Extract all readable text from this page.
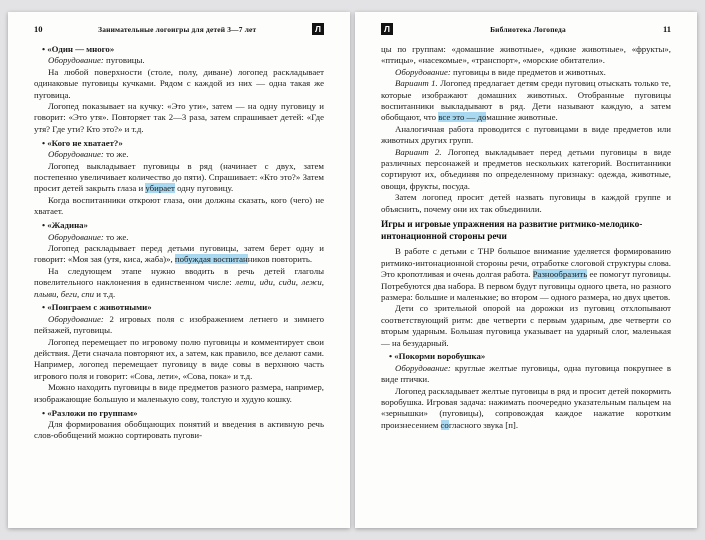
10	Занимательные логоигры для детей 3—7 лет	Л

• «Один — много»

Оборудование: пуговицы.

На любой поверхности (столе, полу, диване) логопед раскладывает одинаковые пуговицы кучками. Рядом с каждой из них — одна такая же пуговица.

Логопед показывает на кучку: «Это ути», затем — на одну пуговицу и говорит: «Это утя». Повторяет так 2—3 раза, затем спрашивает детей: «Где утя? Где ути? Кто это?» и т.д.

• «Кого не хватает?»

Оборудование: то же.

Логопед выкладывает пуговицы в ряд (начинает с двух, затем постепенно увеличивает количество до пяти). Спрашивает: «Кто это?» Затем просит детей закрыть глаза и убирает одну пуговицу.

Когда воспитанники откроют глаза, они должны сказать, кого (чего) не хватает.

• «Жадина»

Оборудование: то же.

Логопед раскладывает перед детьми пуговицы, затем берет одну и говорит: «Моя зая (утя, киса, жаба)», побуждая воспитанников повторить.

На следующем этапе нужно вводить в речь детей глаголы повелительного наклонения в единственном числе: лети, иди, сиди, лежи, плыви, беги, спи и т.д.

• «Поиграем с животными»

Оборудование: 2 игровых поля с изображением летнего и зимнего пейзажей, пуговицы.

Логопед перемещает по игровому полю пуговицы и комментирует свои действия. Дети сначала повторяют их, а затем, как правило, все делают сами. Например, логопед перемещает пуговицу в виде совы в верхнюю часть игрового поля и говорит: «Сова, лети», «Сова, пока» и т.д.

Можно находить пуговицы в виде предметов разного размера, например, изображающие большую и маленькую сову, толстую и худую кошку.

• «Разложи по группам»

Для формирования обобщающих понятий и введения в активную речь слов-обобщений можно сортировать пугови-

Л	Библиотека Логопеда	11

цы по группам: «домашние животные», «дикие животные», «фрукты», «птицы», «насекомые», «транспорт», «морские обитатели».

Оборудование: пуговицы в виде предметов и животных.

Вариант 1. Логопед предлагает детям среди пуговиц отыскать только те, которые изображают домашних животных. Отобранные пуговицы воспитанники выкладывают в ряд. Дети называют каждую, а затем обобщают, что все это — домашние животные.

Аналогичная работа проводится с пуговицами в виде предметов или животных других групп.

Вариант 2. Логопед выкладывает перед детьми пуговицы в виде различных персонажей и предметов нескольких категорий. Воспитанники сортируют их, объединяя по определенному признаку: одежда, животные, овощи, фрукты, посуда.

Затем логопед просит детей назвать пуговицы в каждой группе и объяснить, почему они их так объединили.

Игры и игровые упражнения на развитие ритмико-мелодико-интонационной стороны речи

В работе с детьми с ТНР большое внимание уделяется формированию ритмико-интонационной стороны речи, отработке слоговой структуры слова. Это кропотливая и очень долгая работа. Разнообразить ее помогут пуговицы. Потребуются два набора. В первом будут пуговицы одного цвета, но разного размера: большие и маленькие; во втором — одного размера, но двух цветов.

Дети со зрительной опорой на дорожки из пуговиц отхлопывают соответствующий ритм: две четверти с первым ударным, две четверти со вторым ударным. Большая пуговица указывает на ударный слог, маленькая — на безударный.

• «Покорми воробушка»

Оборудование: круглые желтые пуговицы, одна пуговица покрупнее в виде птички.

Логопед раскладывает желтые пуговицы в ряд и просит детей покормить воробушка. Игровая задача: нажимать поочередно указательным пальцем на «зернышки» (пуговицы), сопровождая каждое нажатие коротким произнесением согласного звука [п].
